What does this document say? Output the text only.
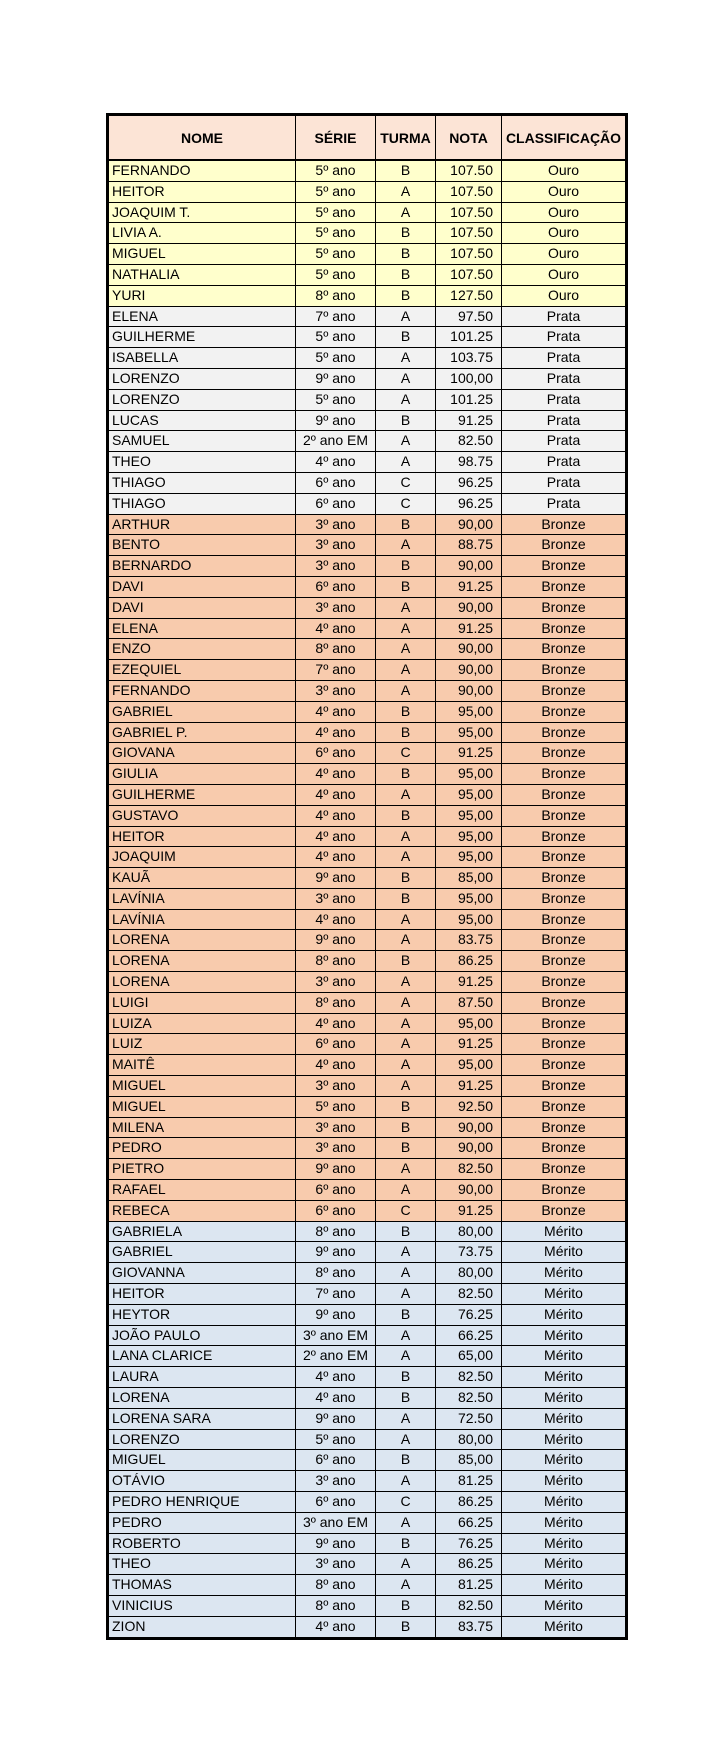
NOME	SÉRIE	TURMA	NOTA	CLASSIFICAÇÃO
FERNANDO	5º ano	B	107.50	Ouro
HEITOR	5º ano	A	107.50	Ouro
JOAQUIM T.	5º ano	A	107.50	Ouro
LIVIA A.	5º ano	B	107.50	Ouro
MIGUEL	5º ano	B	107.50	Ouro
NATHALIA	5º ano	B	107.50	Ouro
YURI	8º ano	B	127.50	Ouro
ELENA	7º ano	A	97.50	Prata
GUILHERME	5º ano	B	101.25	Prata
ISABELLA	5º ano	A	103.75	Prata
LORENZO	9º ano	A	100,00	Prata
LORENZO	5º ano	A	101.25	Prata
LUCAS	9º ano	B	91.25	Prata
SAMUEL	2º ano EM	A	82.50	Prata
THEO	4º ano	A	98.75	Prata
THIAGO	6º ano	C	96.25	Prata
THIAGO	6º ano	C	96.25	Prata
ARTHUR	3º ano	B	90,00	Bronze
BENTO	3º ano	A	88.75	Bronze
BERNARDO	3º ano	B	90,00	Bronze
DAVI	6º ano	B	91.25	Bronze
DAVI	3º ano	A	90,00	Bronze
ELENA	4º ano	A	91.25	Bronze
ENZO	8º ano	A	90,00	Bronze
EZEQUIEL	7º ano	A	90,00	Bronze
FERNANDO	3º ano	A	90,00	Bronze
GABRIEL	4º ano	B	95,00	Bronze
GABRIEL P.	4º ano	B	95,00	Bronze
GIOVANA	6º ano	C	91.25	Bronze
GIULIA	4º ano	B	95,00	Bronze
GUILHERME	4º ano	A	95,00	Bronze
GUSTAVO	4º ano	B	95,00	Bronze
HEITOR	4º ano	A	95,00	Bronze
JOAQUIM	4º ano	A	95,00	Bronze
KAUÃ	9º ano	B	85,00	Bronze
LAVÍNIA	3º ano	B	95,00	Bronze
LAVÍNIA	4º ano	A	95,00	Bronze
LORENA	9º ano	A	83.75	Bronze
LORENA	8º ano	B	86.25	Bronze
LORENA	3º ano	A	91.25	Bronze
LUIGI	8º ano	A	87.50	Bronze
LUIZA	4º ano	A	95,00	Bronze
LUIZ	6º ano	A	91.25	Bronze
MAITÊ	4º ano	A	95,00	Bronze
MIGUEL	3º ano	A	91.25	Bronze
MIGUEL	5º ano	B	92.50	Bronze
MILENA	3º ano	B	90,00	Bronze
PEDRO	3º ano	B	90,00	Bronze
PIETRO	9º ano	A	82.50	Bronze
RAFAEL	6º ano	A	90,00	Bronze
REBECA	6º ano	C	91.25	Bronze
GABRIELA	8º ano	B	80,00	Mérito
GABRIEL	9º ano	A	73.75	Mérito
GIOVANNA	8º ano	A	80,00	Mérito
HEITOR	7º ano	A	82.50	Mérito
HEYTOR	9º ano	B	76.25	Mérito
JOÃO PAULO	3º ano EM	A	66.25	Mérito
LANA CLARICE	2º ano EM	A	65,00	Mérito
LAURA	4º ano	B	82.50	Mérito
LORENA	4º ano	B	82.50	Mérito
LORENA SARA	9º ano	A	72.50	Mérito
LORENZO	5º ano	A	80,00	Mérito
MIGUEL	6º ano	B	85,00	Mérito
OTÁVIO	3º ano	A	81.25	Mérito
PEDRO HENRIQUE	6º ano	C	86.25	Mérito
PEDRO	3º ano EM	A	66.25	Mérito
ROBERTO	9º ano	B	76.25	Mérito
THEO	3º ano	A	86.25	Mérito
THOMAS	8º ano	A	81.25	Mérito
VINICIUS	8º ano	B	82.50	Mérito
ZION	4º ano	B	83.75	Mérito
